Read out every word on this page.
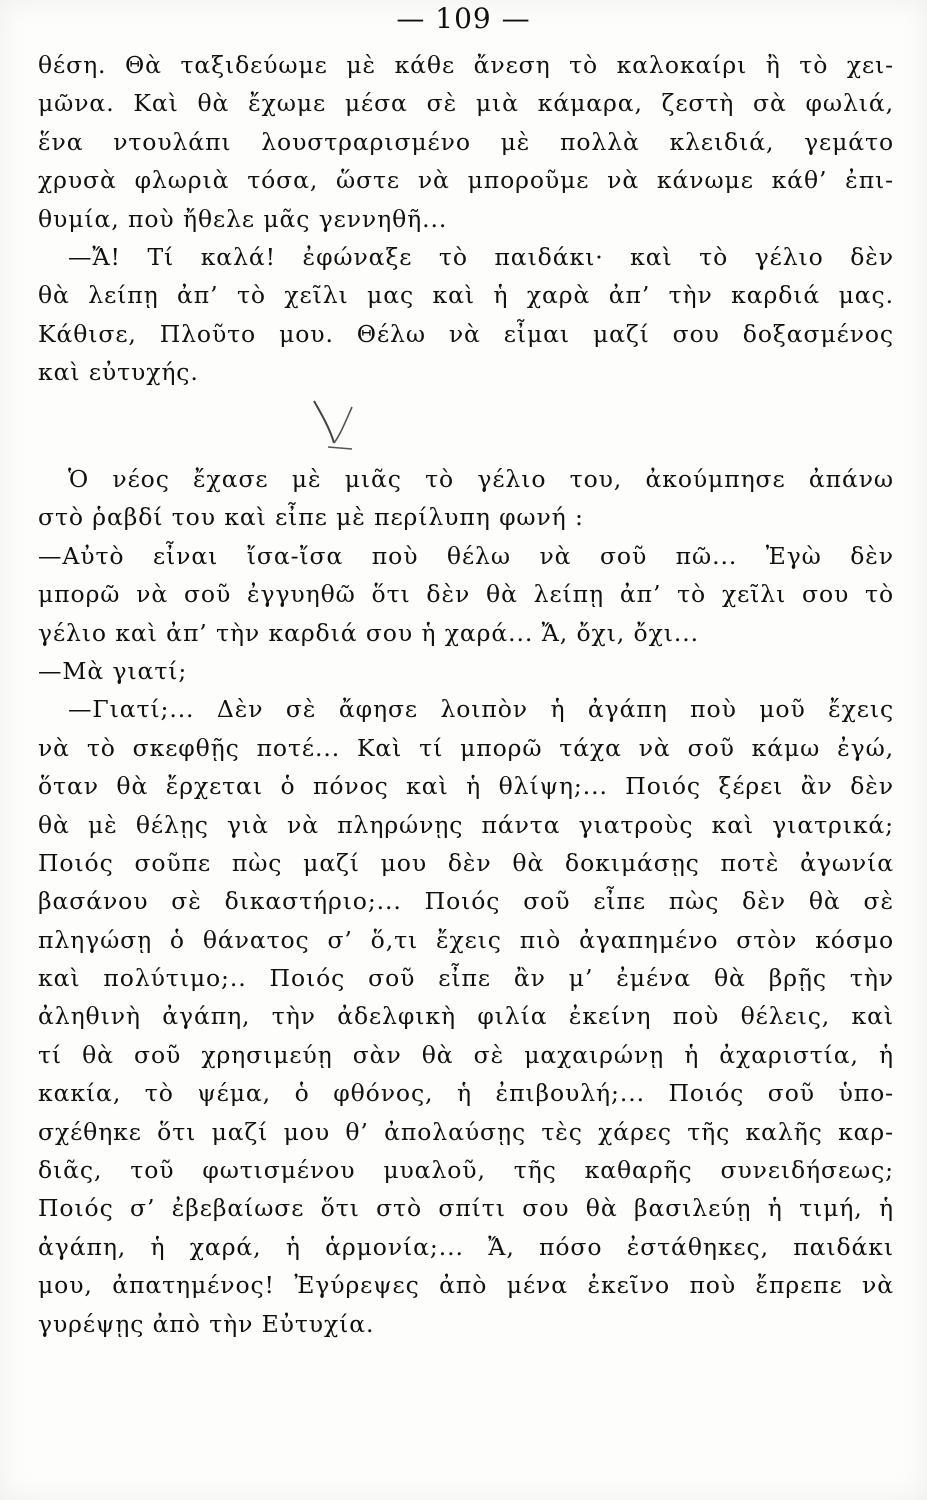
— 109 —
θέση. Θὰ ταξιδεύωμε μὲ κάθε ἄνεση τὸ καλοκαίρι ἢ τὸ χει-
μῶνα. Καὶ θὰ ἔχωμε μέσα σὲ μιὰ κάμαρα, ζεστὴ σὰ φωλιά,
ἕνα ντουλάπι λουστραρισμένο μὲ πολλὰ κλειδιά, γεμάτο
χρυσὰ φλωριὰ τόσα, ὥστε νὰ μποροῦμε νὰ κάνωμε κάθ’ ἐπι-
θυμία, ποὺ ἤθελε μᾶς γεννηθῆ...
—Ἄ! Τί καλά! ἐφώναξε τὸ παιδάκι· καὶ τὸ γέλιο δὲν
θὰ λείπῃ ἀπ’ τὸ χεῖλι μας καὶ ἡ χαρὰ ἀπ’ τὴν καρδιά μας.
Κάθισε, Πλοῦτο μου. Θέλω νὰ εἶμαι μαζί σου δοξασμένος
καὶ εὐτυχής.
Ὁ νέος ἔχασε μὲ μιᾶς τὸ γέλιο του, ἀκούμπησε ἀπάνω
στὸ ῥαβδί του καὶ εἶπε μὲ περίλυπη φωνή :
—Αὐτὸ εἶναι ἴσα-ἴσα ποὺ θέλω νὰ σοῦ πῶ... Ἐγὼ δὲν
μπορῶ νὰ σοῦ ἐγγυηθῶ ὅτι δὲν θὰ λείπῃ ἀπ’ τὸ χεῖλι σου τὸ
γέλιο καὶ ἀπ’ τὴν καρδιά σου ἡ χαρά... Ἄ, ὄχι, ὄχι...
—Μὰ γιατί;
—Γιατί;... Δὲν σὲ ἄφησε λοιπὸν ἡ ἀγάπη ποὺ μοῦ ἔχεις
νὰ τὸ σκεφθῇς ποτέ... Καὶ τί μπορῶ τάχα νὰ σοῦ κάμω ἐγώ,
ὅταν θὰ ἔρχεται ὁ πόνος καὶ ἡ θλίψη;... Ποιός ξέρει ἂν δὲν
θὰ μὲ θέλῃς γιὰ νὰ πληρώνῃς πάντα γιατροὺς καὶ γιατρικά;
Ποιός σοῦπε πὼς μαζί μου δὲν θὰ δοκιμάσῃς ποτὲ ἀγωνία
βασάνου σὲ δικαστήριο;... Ποιός σοῦ εἶπε πὼς δὲν θὰ σὲ
πληγώσῃ ὁ θάνατος σ’ ὅ,τι ἔχεις πιὸ ἀγαπημένο στὸν κόσμο
καὶ πολύτιμο;.. Ποιός σοῦ εἶπε ἂν μ’ ἐμένα θὰ βρῇς τὴν
ἀληθινὴ ἀγάπη, τὴν ἀδελφικὴ φιλία ἐκείνη ποὺ θέλεις, καὶ
τί θὰ σοῦ χρησιμεύῃ σὰν θὰ σὲ μαχαιρώνῃ ἡ ἀχαριστία, ἡ
κακία, τὸ ψέμα, ὁ φθόνος, ἡ ἐπιβουλή;... Ποιός σοῦ ὑπο-
σχέθηκε ὅτι μαζί μου θ’ ἀπολαύσῃς τὲς χάρες τῆς καλῆς καρ-
διᾶς, τοῦ φωτισμένου μυαλοῦ, τῆς καθαρῆς συνειδήσεως;
Ποιός σ’ ἐβεβαίωσε ὅτι στὸ σπίτι σου θὰ βασιλεύῃ ἡ τιμή, ἡ
ἀγάπη, ἡ χαρά, ἡ ἁρμονία;... Ἄ, πόσο ἐστάθηκες, παιδάκι
μου, ἀπατημένος! Ἐγύρεψες ἀπὸ μένα ἐκεῖνο ποὺ ἔπρεπε νὰ
γυρέψῃς ἀπὸ τὴν Εὐτυχία.
